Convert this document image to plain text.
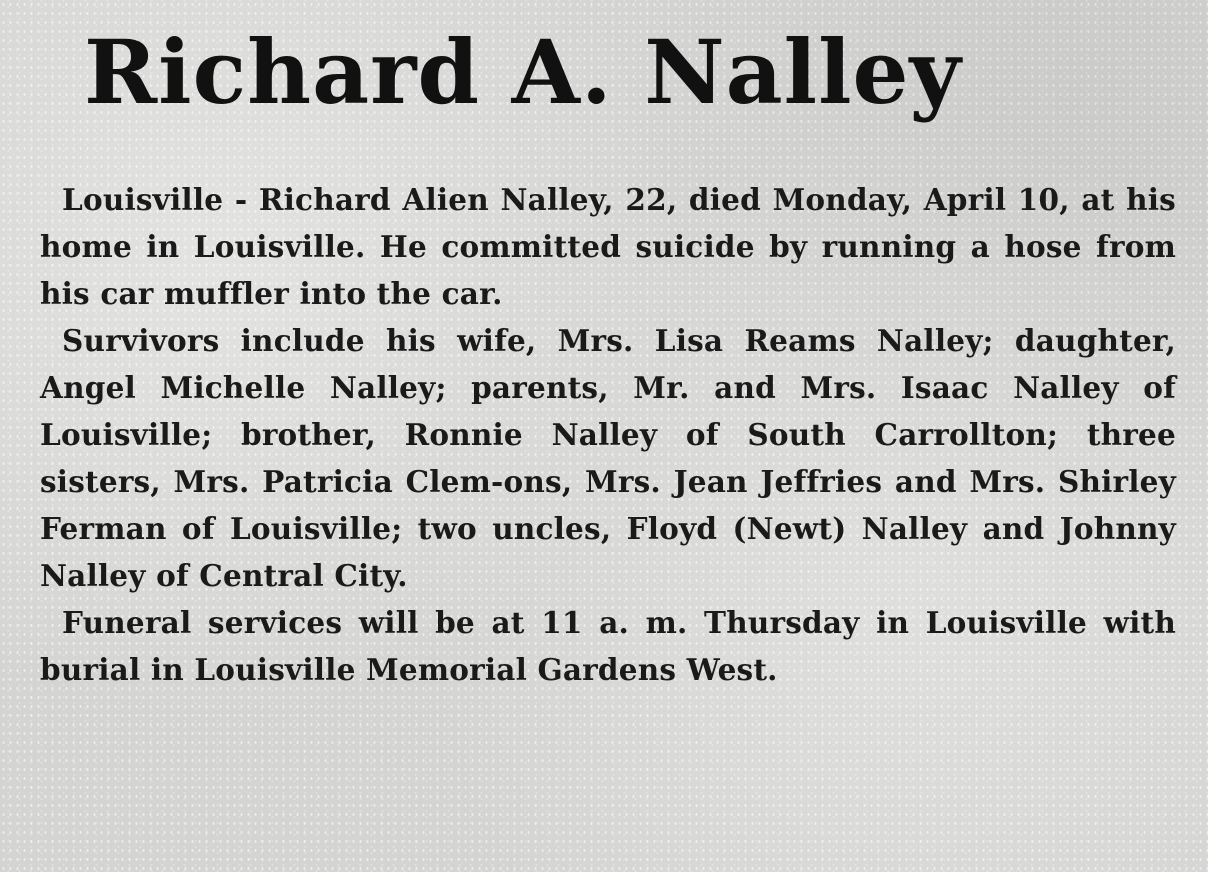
Richard A. Nalley

Louisville - Richard Alien Nalley, 22, died Monday, April 10, at his home in Louisville. He committed suicide by running a hose from his car muffler into the car.

Survivors include his wife, Mrs. Lisa Reams Nalley; daughter, Angel Michelle Nalley; parents, Mr. and Mrs. Isaac Nalley of Louisville; brother, Ronnie Nalley of South Carrollton; three sisters, Mrs. Patricia Clem-ons, Mrs. Jean Jeffries and Mrs. Shirley Ferman of Louisville; two uncles, Floyd (Newt) Nalley and Johnny Nalley of Central City.

Funeral services will be at 11 a. m. Thursday in Louisville with burial in Louisville Memorial Gardens West.
